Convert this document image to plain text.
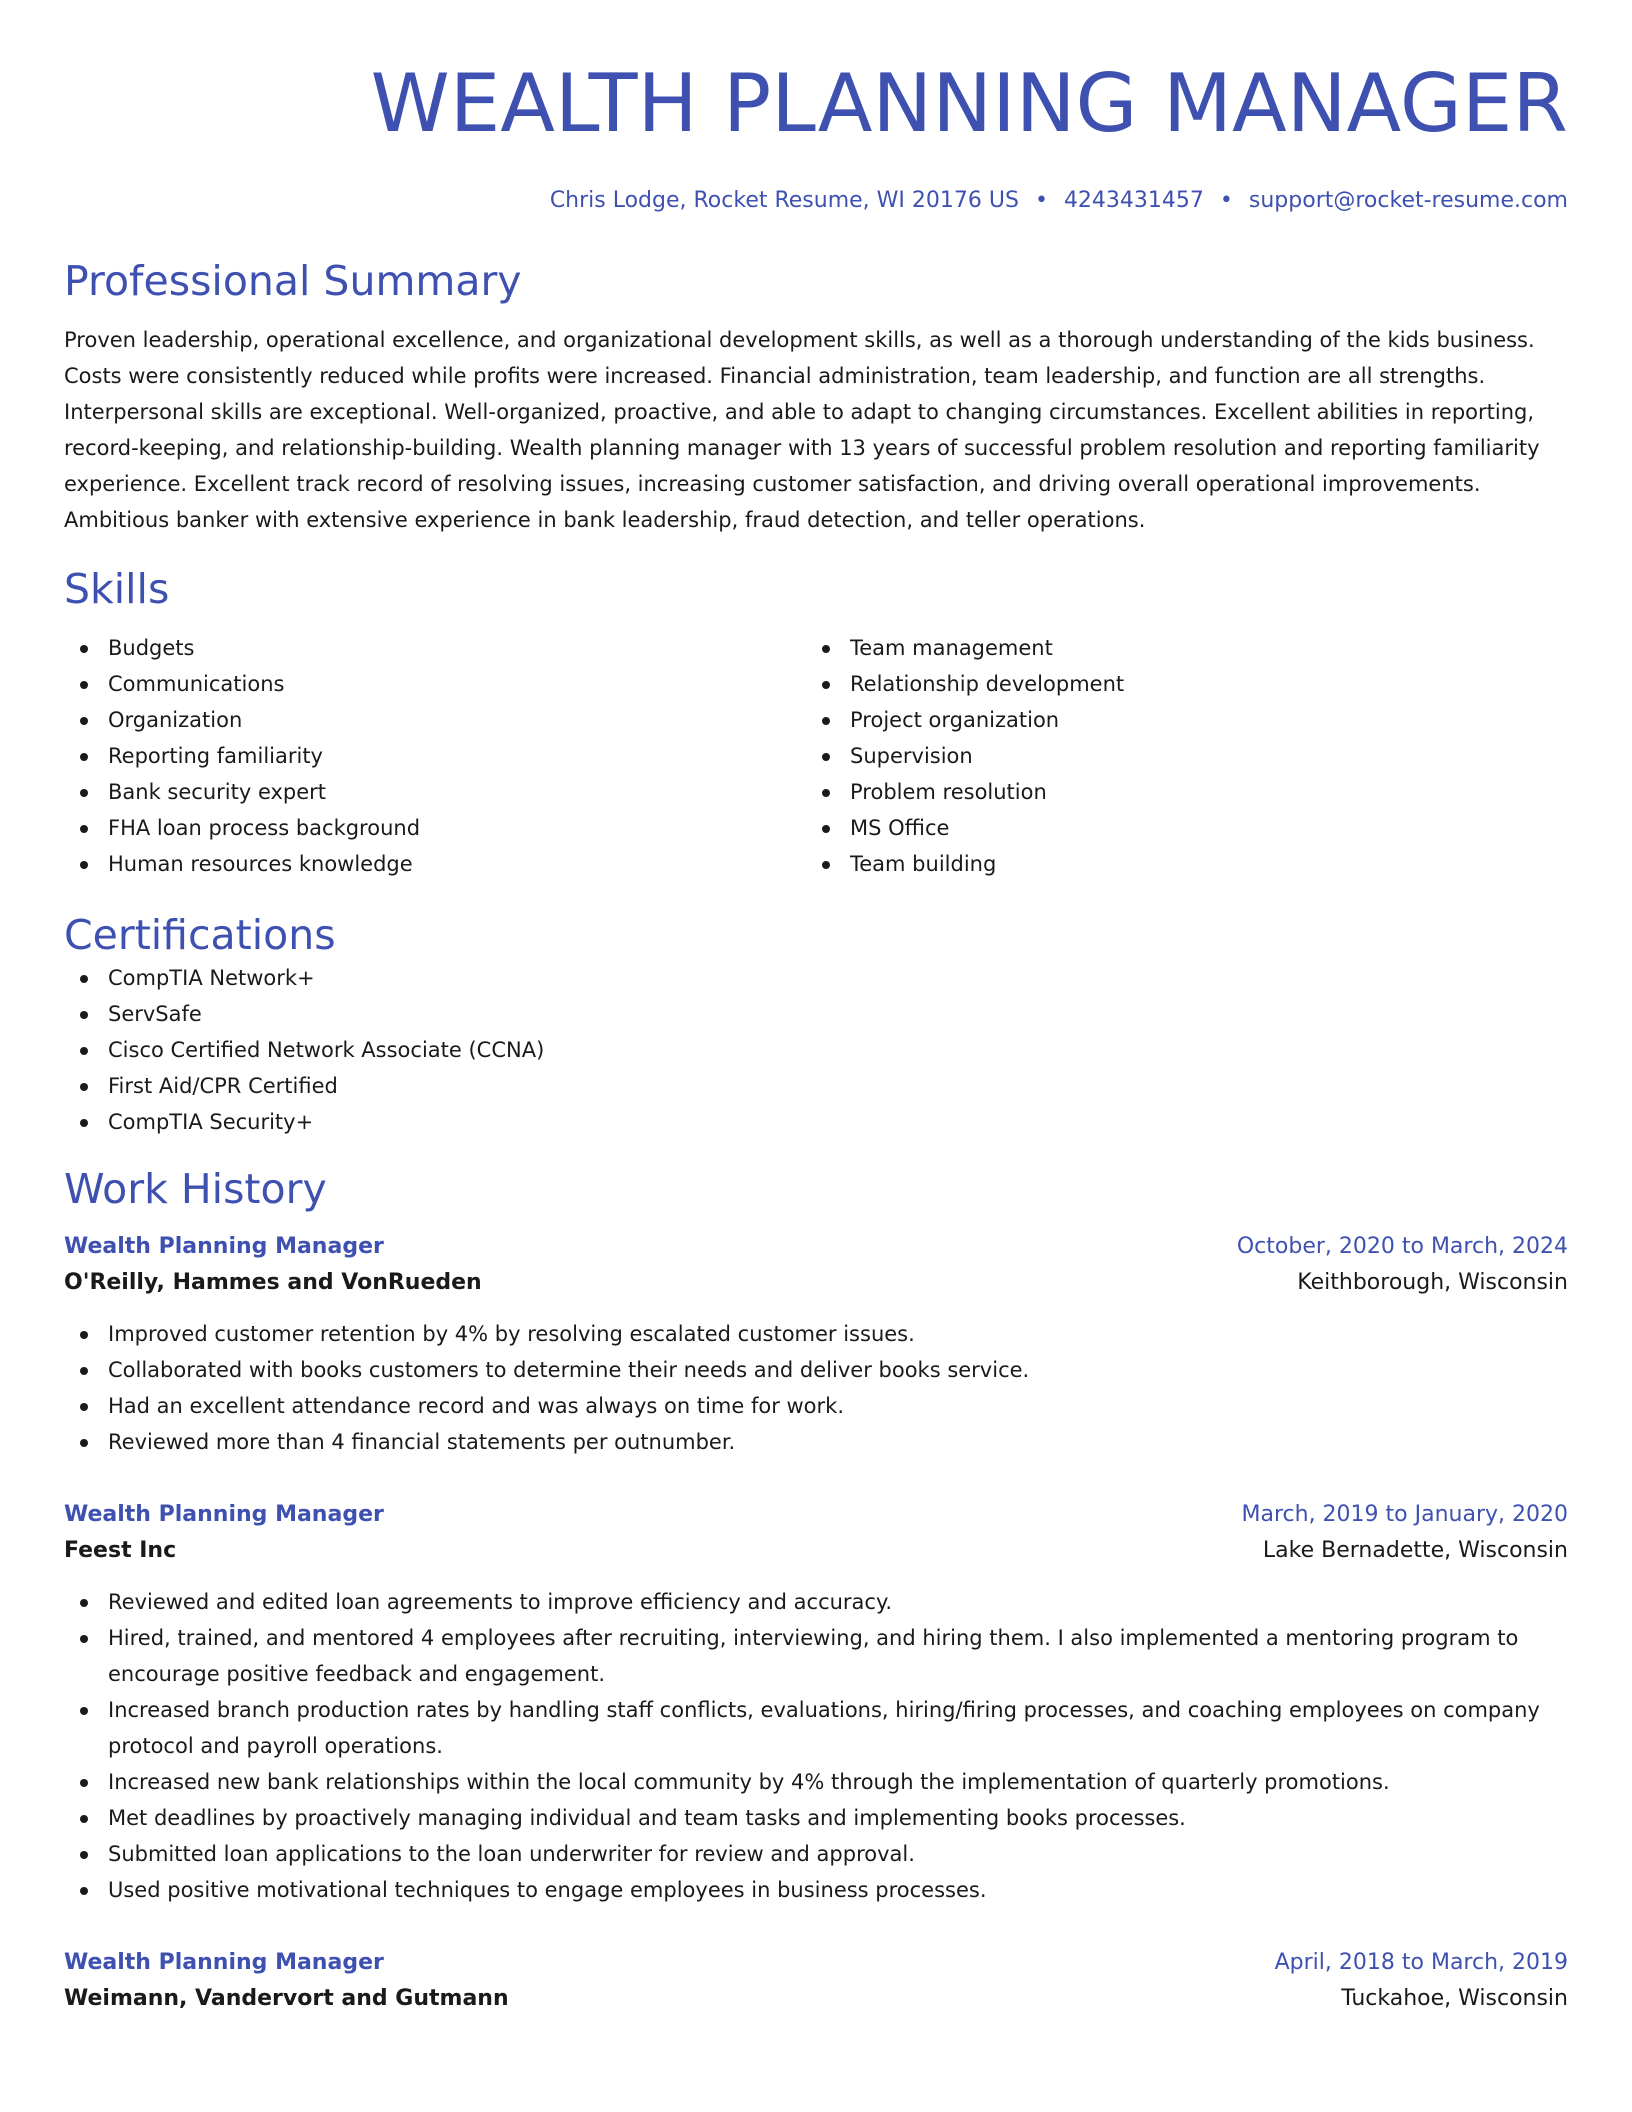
WEALTH PLANNING MANAGER
Chris Lodge, Rocket Resume, WI 20176 US • 4243431457 • support@rocket-resume.com
Professional Summary

Proven leadership, operational excellence, and organizational development skills, as well as a thorough understanding of the kids business. Costs were consistently reduced while profits were increased. Financial administration, team leadership, and function are all strengths. Interpersonal skills are exceptional. Well-organized, proactive, and able to adapt to changing circumstances. Excellent abilities in reporting, record-keeping, and relationship-building. Wealth planning manager with 13 years of successful problem resolution and reporting familiarity experience. Excellent track record of resolving issues, increasing customer satisfaction, and driving overall operational improvements. Ambitious banker with extensive experience in bank leadership, fraud detection, and teller operations.

Skills
Budgets
Communications
Organization
Reporting familiarity
Bank security expert
FHA loan process background
Human resources knowledge
Team management
Relationship development
Project organization
Supervision
Problem resolution
MS Office
Team building
Certifications
CompTIA Network+
ServSafe
Cisco Certified Network Associate (CCNA)
First Aid/CPR Certified
CompTIA Security+
Work History
Wealth Planning Manager	October, 2020 to March, 2024
O'Reilly, Hammes and VonRueden	Keithborough, Wisconsin
Improved customer retention by 4% by resolving escalated customer issues.
Collaborated with books customers to determine their needs and deliver books service.
Had an excellent attendance record and was always on time for work.
Reviewed more than 4 financial statements per outnumber.
Wealth Planning Manager	March, 2019 to January, 2020
Feest Inc	Lake Bernadette, Wisconsin
Reviewed and edited loan agreements to improve efficiency and accuracy.
Hired, trained, and mentored 4 employees after recruiting, interviewing, and hiring them. I also implemented a mentoring program to encourage positive feedback and engagement.
Increased branch production rates by handling staff conflicts, evaluations, hiring/firing processes, and coaching employees on company protocol and payroll operations.
Increased new bank relationships within the local community by 4% through the implementation of quarterly promotions.
Met deadlines by proactively managing individual and team tasks and implementing books processes.
Submitted loan applications to the loan underwriter for review and approval.
Used positive motivational techniques to engage employees in business processes.
Wealth Planning Manager	April, 2018 to March, 2019
Weimann, Vandervort and Gutmann	Tuckahoe, Wisconsin
